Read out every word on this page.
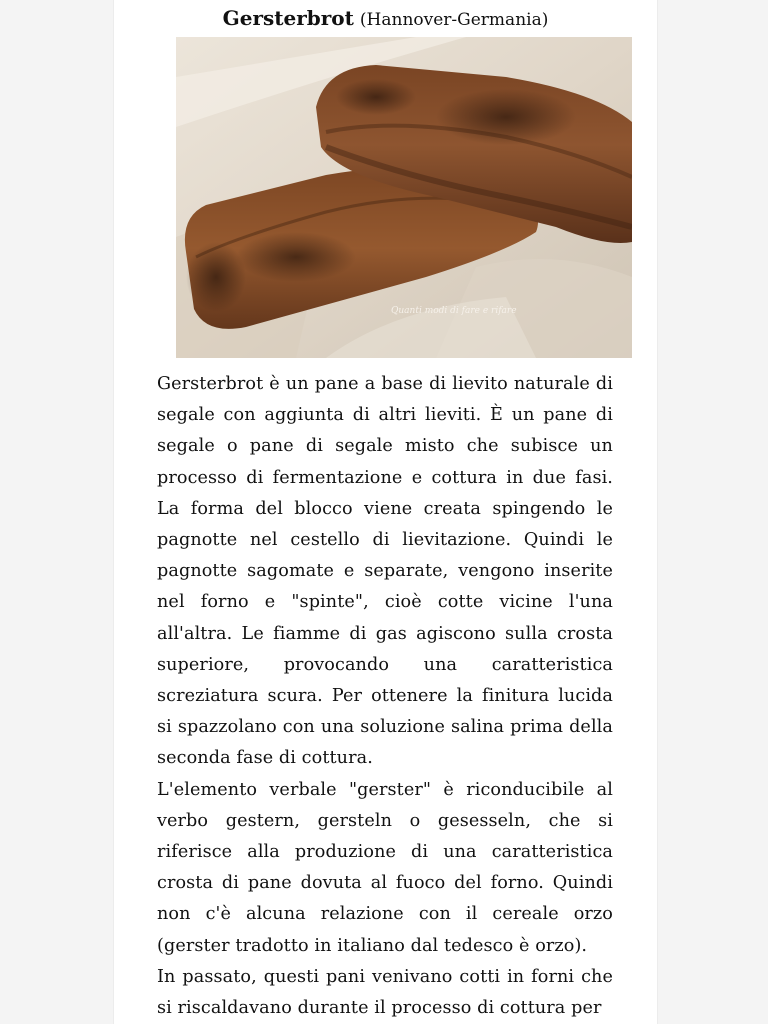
Gersterbrot (Hannover-Germania)
Quanti modi di fare e rifare

Gersterbrot è un pane a base di lievito naturale di segale con aggiunta di altri lieviti. È un pane di segale o pane di segale misto che subisce un processo di fermentazione e cottura in due fasi. La forma del blocco viene creata spingendo le pagnotte nel cestello di lievitazione. Quindi le pagnotte sagomate e separate, vengono inserite nel forno e "spinte", cioè cotte vicine l'una all'altra. Le fiamme di gas agiscono sulla crosta superiore, provocando una caratteristica screziatura scura. Per ottenere la finitura lucida si spazzolano con una soluzione salina prima della seconda fase di cottura.

L'elemento verbale "gerster" è riconducibile al verbo gestern, gersteln o gesesseln, che si riferisce alla produzione di una caratteristica crosta di pane dovuta al fuoco del forno. Quindi non c'è alcuna relazione con il cereale orzo (gerster tradotto in italiano dal tedesco è orzo).

In passato, questi pani venivano cotti in forni che si riscaldavano durante il processo di cottura per
